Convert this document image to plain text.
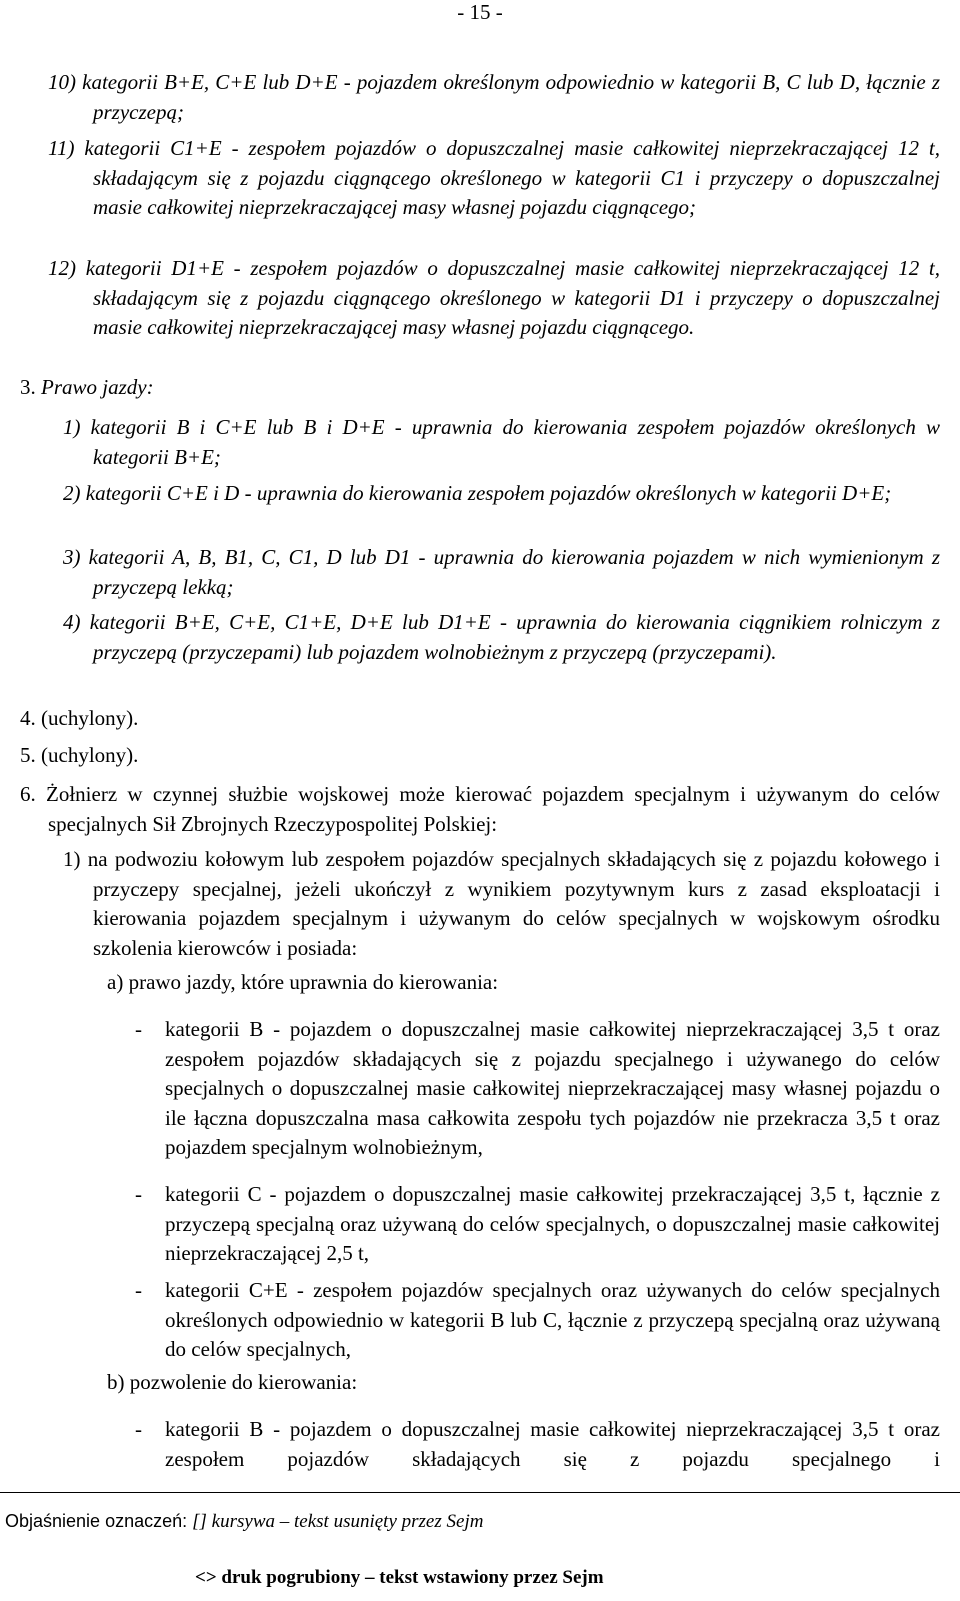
- 15 -
10) kategorii B+E, C+E lub D+E - pojazdem określonym odpowiednio w kategorii B, C lub D, łącznie z przyczepą;
11) kategorii C1+E - zespołem pojazdów o dopuszczalnej masie całkowitej nieprzekraczającej 12 t, składającym się z pojazdu ciągnącego określonego w kategorii C1 i przyczepy o dopuszczalnej masie całkowitej nieprzekraczającej masy własnej pojazdu ciągnącego;
12) kategorii D1+E - zespołem pojazdów o dopuszczalnej masie całkowitej nieprzekraczającej 12 t, składającym się z pojazdu ciągnącego określonego w kategorii D1 i przyczepy o dopuszczalnej masie całkowitej nieprzekraczającej masy własnej pojazdu ciągnącego.
3. Prawo jazdy:
1) kategorii B i C+E lub B i D+E - uprawnia do kierowania zespołem pojazdów określonych w kategorii B+E;
2) kategorii C+E i D - uprawnia do kierowania zespołem pojazdów określonych w kategorii D+E;
3) kategorii A, B, B1, C, C1, D lub D1 - uprawnia do kierowania pojazdem w nich wymienionym z przyczepą lekką;
4) kategorii B+E, C+E, C1+E, D+E lub D1+E - uprawnia do kierowania ciągnikiem rolniczym z przyczepą (przyczepami) lub pojazdem wolnobieżnym z przyczepą (przyczepami).
4. (uchylony).
5. (uchylony).
6. Żołnierz w czynnej służbie wojskowej może kierować pojazdem specjalnym i używanym do celów specjalnych Sił Zbrojnych Rzeczypospolitej Polskiej:
1) na podwoziu kołowym lub zespołem pojazdów specjalnych składających się z pojazdu kołowego i przyczepy specjalnej, jeżeli ukończył z wynikiem pozytywnym kurs z zasad eksploatacji i kierowania pojazdem specjalnym i używanym do celów specjalnych w wojskowym ośrodku szkolenia kierowców i posiada:
a) prawo jazdy, które uprawnia do kierowania:
- kategorii B - pojazdem o dopuszczalnej masie całkowitej nieprzekraczającej 3,5 t oraz zespołem pojazdów składających się z pojazdu specjalnego i używanego do celów specjalnych o dopuszczalnej masie całkowitej nieprzekraczającej masy własnej pojazdu o ile łączna dopuszczalna masa całkowita zespołu tych pojazdów nie przekracza 3,5 t oraz pojazdem specjalnym wolnobieżnym,
- kategorii C - pojazdem o dopuszczalnej masie całkowitej przekraczającej 3,5 t, łącznie z przyczepą specjalną oraz używaną do celów specjalnych, o dopuszczalnej masie całkowitej nieprzekraczającej 2,5 t,
- kategorii C+E - zespołem pojazdów specjalnych oraz używanych do celów specjalnych określonych odpowiednio w kategorii B lub C, łącznie z przyczepą specjalną oraz używaną do celów specjalnych,
b) pozwolenie do kierowania:
- kategorii B - pojazdem o dopuszczalnej masie całkowitej nieprzekraczającej 3,5 t oraz zespołem pojazdów składających się z pojazdu specjalnego i
Objaśnienie oznaczeń: [] kursywa – tekst usunięty przez Sejm
<> druk pogrubiony – tekst wstawiony przez Sejm
